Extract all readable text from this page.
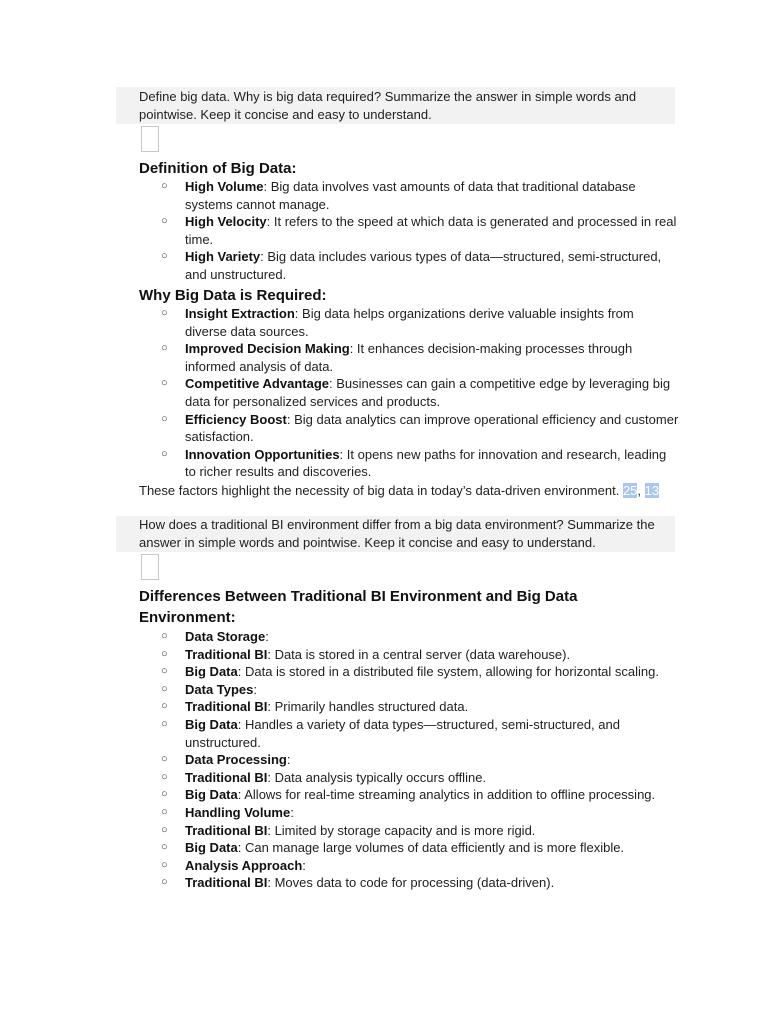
Define big data. Why is big data required? Summarize the answer in simple words and pointwise. Keep it concise and easy to understand.
Definition of Big Data:
○ High Volume: Big data involves vast amounts of data that traditional database systems cannot manage.
○ High Velocity: It refers to the speed at which data is generated and processed in real time.
○ High Variety: Big data includes various types of data—structured, semi-structured, and unstructured.
Why Big Data is Required:
○ Insight Extraction: Big data helps organizations derive valuable insights from diverse data sources.
○ Improved Decision Making: It enhances decision-making processes through informed analysis of data.
○ Competitive Advantage: Businesses can gain a competitive edge by leveraging big data for personalized services and products.
○ Efficiency Boost: Big data analytics can improve operational efficiency and customer satisfaction.
○ Innovation Opportunities: It opens new paths for innovation and research, leading to richer results and discoveries.
These factors highlight the necessity of big data in today’s data-driven environment. 25, 13
How does a traditional BI environment differ from a big data environment? Summarize the answer in simple words and pointwise. Keep it concise and easy to understand.
Differences Between Traditional BI Environment and Big Data Environment:
○ Data Storage:
○ Traditional BI: Data is stored in a central server (data warehouse).
○ Big Data: Data is stored in a distributed file system, allowing for horizontal scaling.
○ Data Types:
○ Traditional BI: Primarily handles structured data.
○ Big Data: Handles a variety of data types—structured, semi-structured, and unstructured.
○ Data Processing:
○ Traditional BI: Data analysis typically occurs offline.
○ Big Data: Allows for real-time streaming analytics in addition to offline processing.
○ Handling Volume:
○ Traditional BI: Limited by storage capacity and is more rigid.
○ Big Data: Can manage large volumes of data efficiently and is more flexible.
○ Analysis Approach:
○ Traditional BI: Moves data to code for processing (data-driven).
